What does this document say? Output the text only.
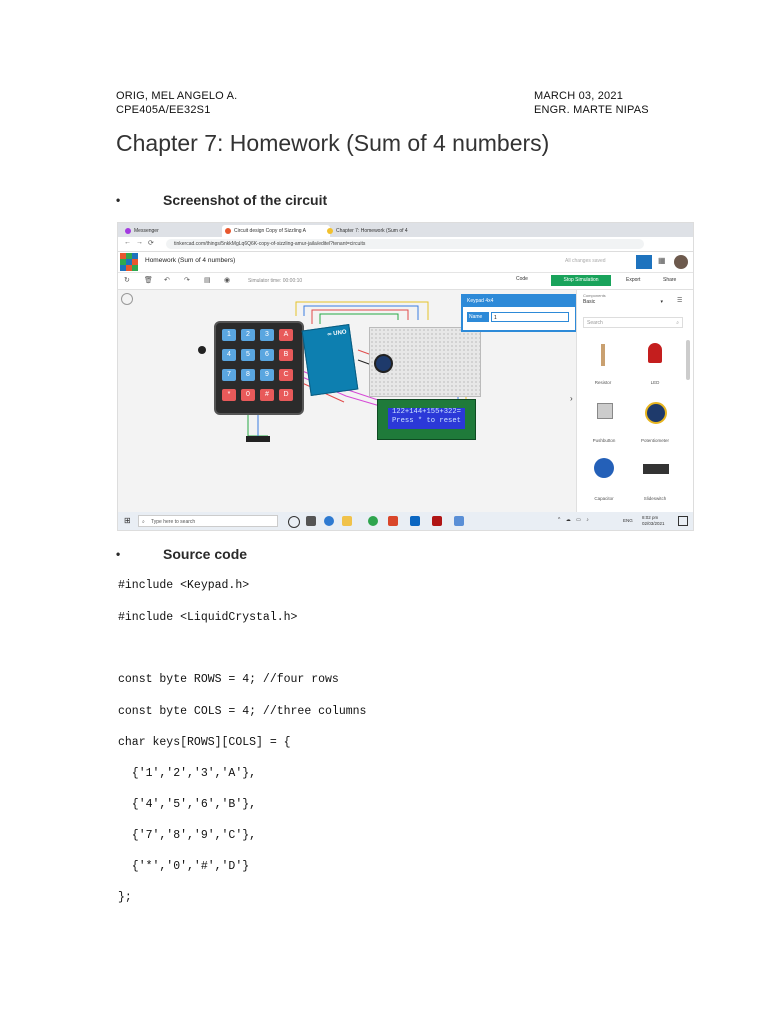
ORIG, MEL ANGELO A.
CPE405A/EE32S1
MARCH 03, 2021
ENGR. MARTE NIPAS
Chapter 7: Homework (Sum of 4 numbers)
•	Screenshot of the circuit
Messenger	Circuit design Copy of Sizzling A	Chapter 7: Homework (Sum of 4
← → ⟳	tinkercad.com/things/5nkkMgLq6Q6K-copy-of-sizzling-amur-jaila/editel?tenant=circuits
Homework (Sum of 4 numbers)	All changes saved	▦
↻ 🗑 ↶ ↷ ▤ ◉	Simulator time: 00:00:10	Code	Stop Simulation	Export	Share
1	2	3	A
4	5	6	B
7	8	9	C
*	0	#	D
∞ UNO
122+144+155+322=
Press * to reset
Keypad 4x4
Name	1
›
Components
Basic	▾ ☰
Search	⌕
Resistor	LED
Pushbutton	Potentiometer
Capacitor	Slideswitch
⊞ ⌕ Type here to search	^ ☁ ▭ ♪	ENG
8:02 pm
02/03/2021
•	Source code
#include <Keypad.h>
#include <LiquidCrystal.h>
const byte ROWS = 4; //four rows
const byte COLS = 4; //three columns
char keys[ROWS][COLS] = {
{'1','2','3','A'},
{'4','5','6','B'},
{'7','8','9','C'},
{'*','0','#','D'}
};
